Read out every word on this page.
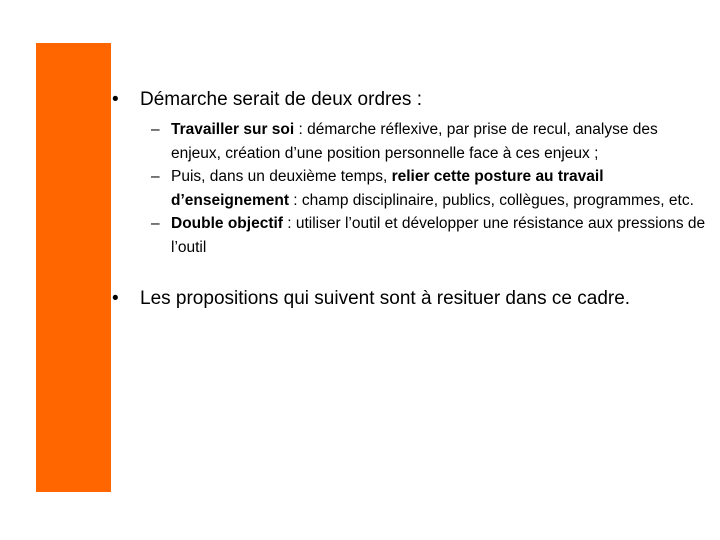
•	Démarche serait de deux ordres :
– Travailler sur soi : démarche réflexive, par prise de recul, analyse des enjeux, création d’une position personnelle face à ces enjeux ;
– Puis, dans un deuxième temps, relier cette posture au travail d’enseignement : champ disciplinaire, publics, collègues, programmes, etc.
– Double objectif : utiliser l’outil et développer une résistance aux pressions de l’outil
•	Les propositions qui suivent sont à resituer dans ce cadre.
